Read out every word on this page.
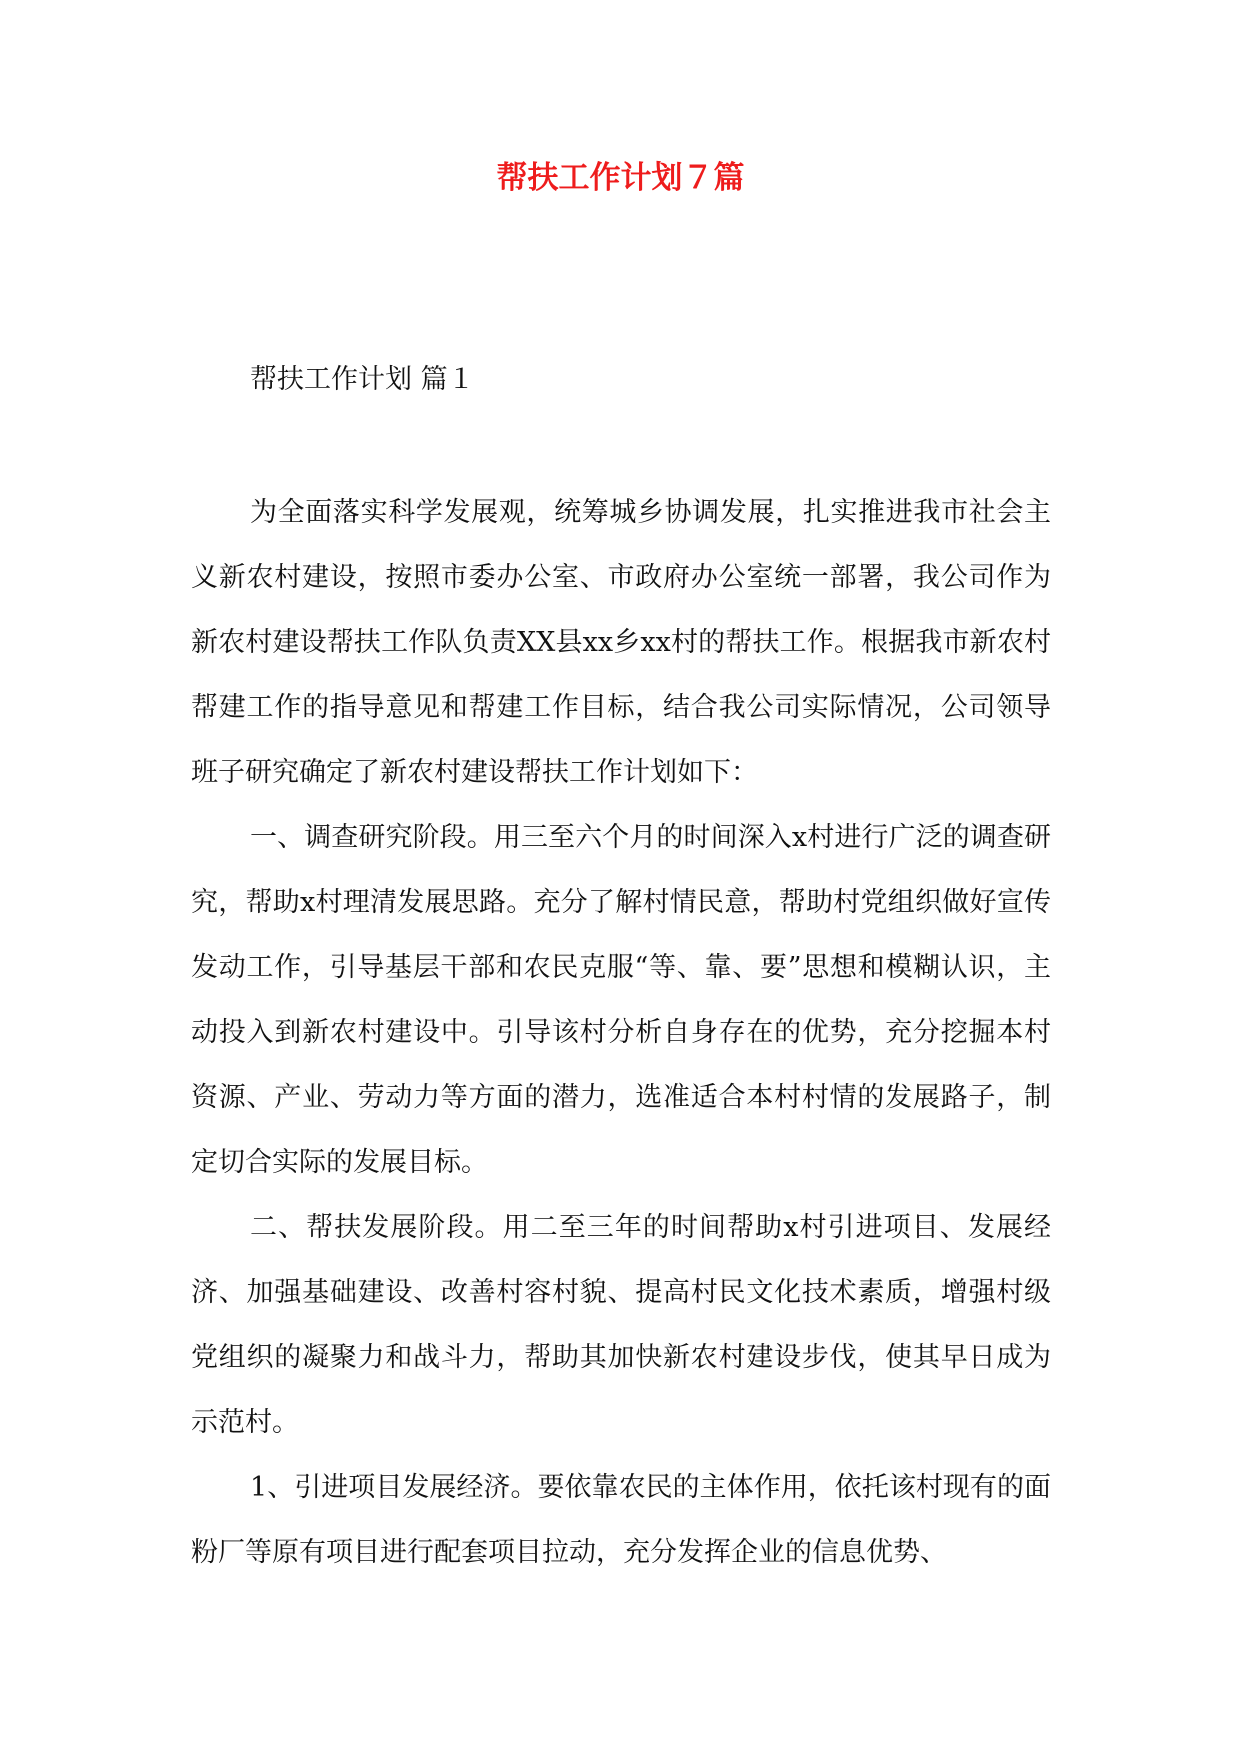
帮扶工作计划７篇
帮扶工作计划 篇１

为全面落实科学发展观，统筹城乡协调发展，扎实推进我市社会主义新农村建设，按照市委办公室、市政府办公室统一部署，我公司作为新农村建设帮扶工作队负责XX县xx乡xx村的帮扶工作。根据我市新农村帮建工作的指导意见和帮建工作目标，结合我公司实际情况，公司领导班子研究确定了新农村建设帮扶工作计划如下：

一、调查研究阶段。用三至六个月的时间深入x村进行广泛的调查研究，帮助x村理清发展思路。充分了解村情民意，帮助村党组织做好宣传发动工作，引导基层干部和农民克服“等、靠、要”思想和模糊认识，主动投入到新农村建设中。引导该村分析自身存在的优势，充分挖掘本村资源、产业、劳动力等方面的潜力，选准适合本村村情的发展路子，制定切合实际的发展目标。

二、帮扶发展阶段。用二至三年的时间帮助x村引进项目、发展经济、加强基础建设、改善村容村貌、提高村民文化技术素质，增强村级党组织的凝聚力和战斗力，帮助其加快新农村建设步伐，使其早日成为示范村。

1、引进项目发展经济。要依靠农民的主体作用，依托该村现有的面粉厂等原有项目进行配套项目拉动，充分发挥企业的信息优势、
